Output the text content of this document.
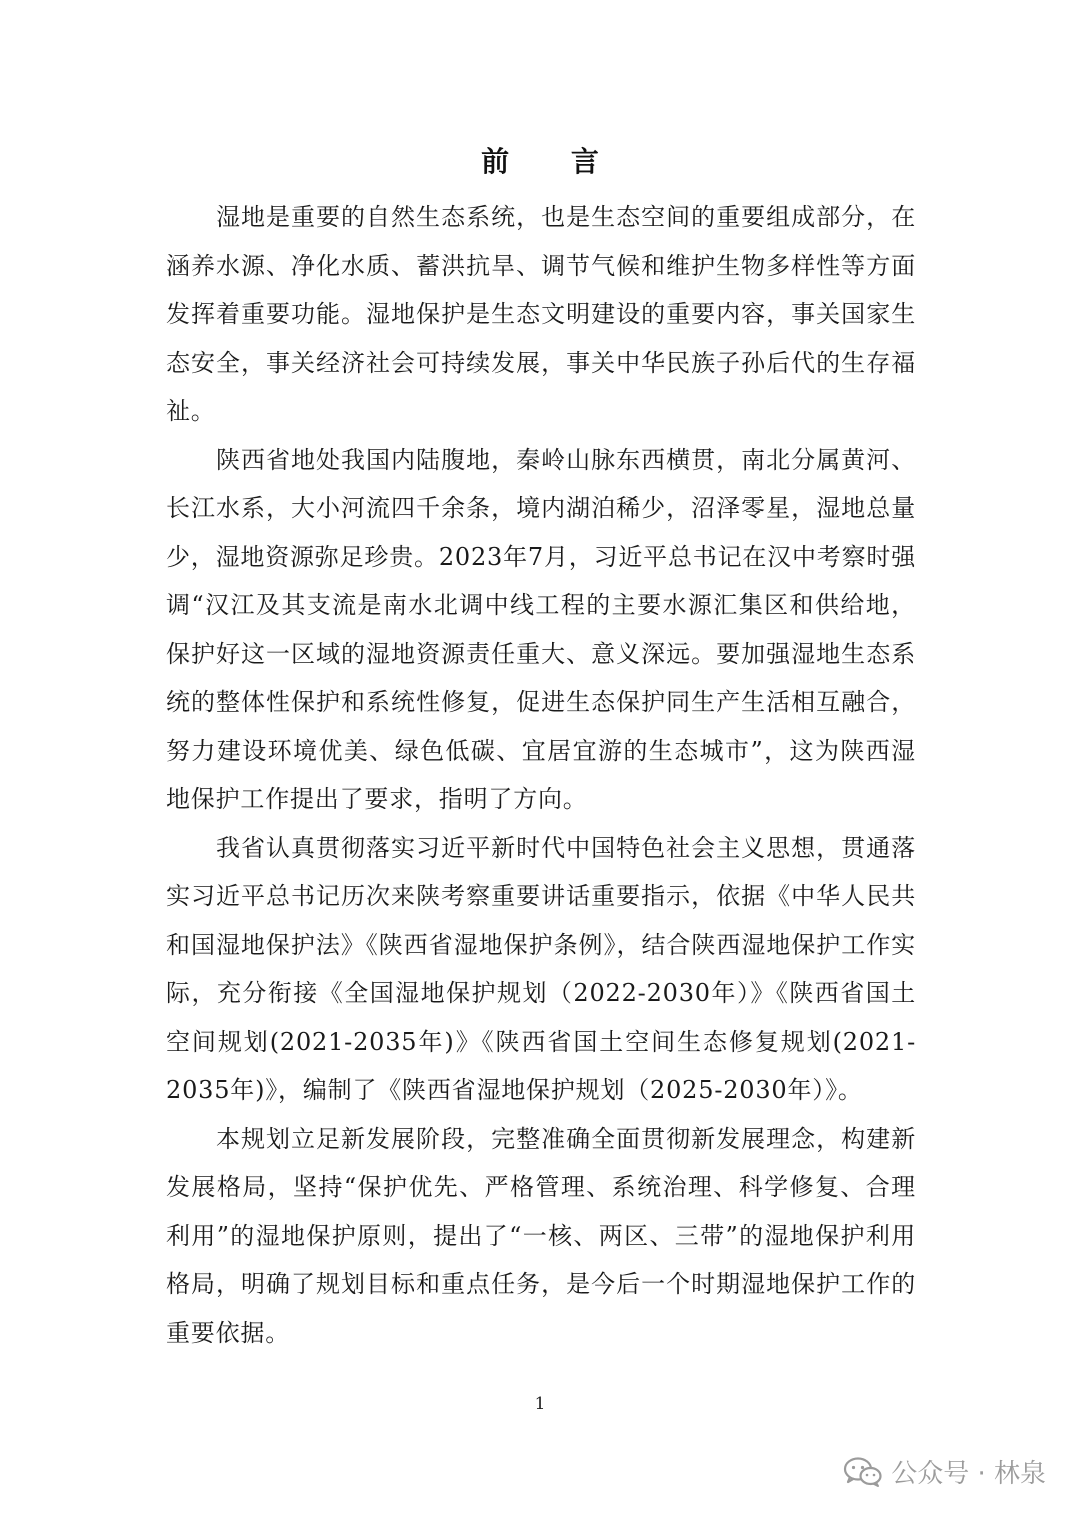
前 言

湿地是重要的自然生态系统，也是生态空间的重要组成部分，在涵养水源、净化水质、蓄洪抗旱、调节气候和维护生物多样性等方面发挥着重要功能。湿地保护是生态文明建设的重要内容，事关国家生态安全，事关经济社会可持续发展，事关中华民族子孙后代的生存福祉。

陕西省地处我国内陆腹地，秦岭山脉东西横贯，南北分属黄河、长江水系，大小河流四千余条，境内湖泊稀少，沼泽零星，湿地总量少，湿地资源弥足珍贵。2023年7月，习近平总书记在汉中考察时强调“汉江及其支流是南水北调中线工程的主要水源汇集区和供给地，保护好这一区域的湿地资源责任重大、意义深远。要加强湿地生态系统的整体性保护和系统性修复，促进生态保护同生产生活相互融合，努力建设环境优美、绿色低碳、宜居宜游的生态城市”，这为陕西湿地保护工作提出了要求，指明了方向。

我省认真贯彻落实习近平新时代中国特色社会主义思想，贯通落实习近平总书记历次来陕考察重要讲话重要指示，依据《中华人民共和国湿地保护法》《陕西省湿地保护条例》，结合陕西湿地保护工作实际，充分衔接《全国湿地保护规划（2022-2030年）》《陕西省国土空间规划(2021-2035年)》《陕西省国土空间生态修复规划(2021-2035年)》，编制了《陕西省湿地保护规划（2025-2030年）》。

本规划立足新发展阶段，完整准确全面贯彻新发展理念，构建新发展格局，坚持“保护优先、严格管理、系统治理、科学修复、合理利用”的湿地保护原则，提出了“一核、两区、三带”的湿地保护利用格局，明确了规划目标和重点任务，是今后一个时期湿地保护工作的重要依据。

1
公众号 · 林泉
